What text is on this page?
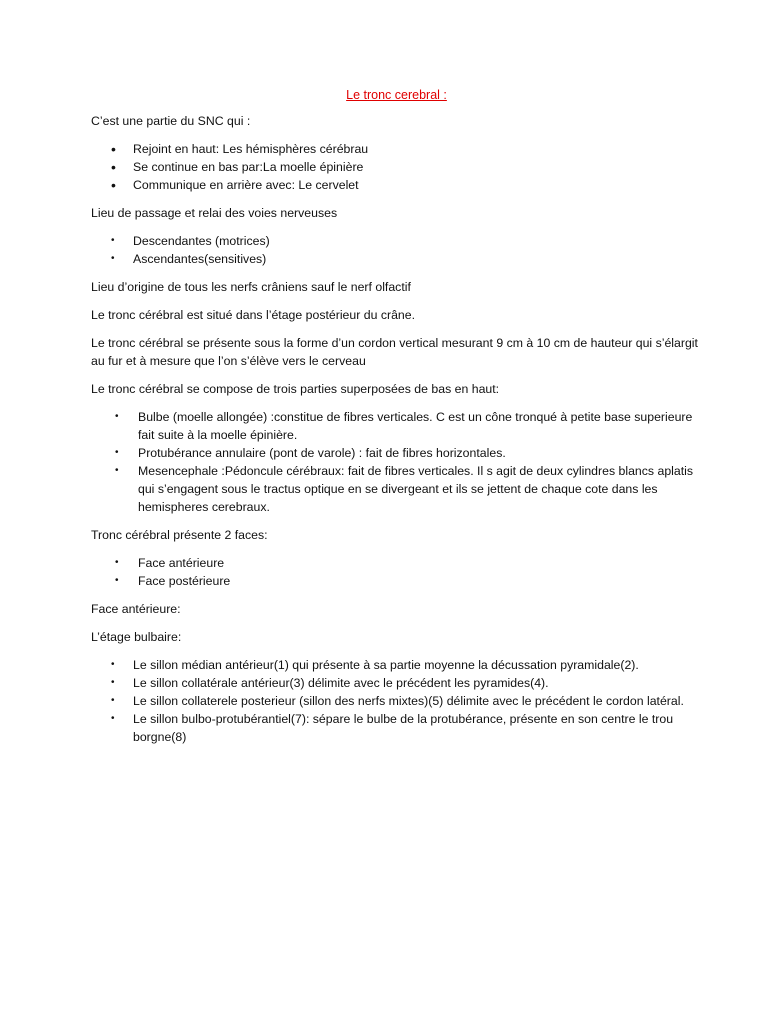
Le tronc cerebral :

C’est une partie du SNC qui :

• Rejoint en haut: Les hémisphères cérébrau
• Se continue en bas par:La moelle épinière
• Communique en arrière avec: Le cervelet

Lieu de passage et relai des voies nerveuses

• Descendantes (motrices)
• Ascendantes(sensitives)

Lieu d’origine de tous les nerfs crâniens sauf le nerf olfactif

Le tronc cérébral est situé dans l’étage postérieur du crâne.

Le tronc cérébral se présente sous la forme d’un cordon vertical mesurant 9 cm à 10 cm de hauteur qui s’élargit au fur et à mesure que l’on s’élève vers le cerveau

Le tronc cérébral se compose de trois parties superposées de bas en haut:

• Bulbe (moelle allongée) :constitue de fibres verticales. C est un cône tronqué à petite base superieure fait suite à la moelle épinière.
• Protubérance annulaire (pont de varole) : fait de fibres horizontales.
• Mesencephale :Pédoncule cérébraux: fait de fibres verticales. Il s agit de deux cylindres blancs aplatis qui s’engagent sous le tractus optique en se divergeant et ils se jettent de chaque cote dans les hemispheres cerebraux.

Tronc cérébral présente 2 faces:

• Face antérieure
• Face postérieure

Face antérieure:

L’étage bulbaire:

• Le sillon médian antérieur(1) qui présente à sa partie moyenne la décussation pyramidale(2).
• Le sillon collatérale antérieur(3) délimite avec le précédent les pyramides(4).
• Le sillon collaterele posterieur (sillon des nerfs mixtes)(5) délimite avec le précédent le cordon latéral.
• Le sillon bulbo-protubérantiel(7): sépare le bulbe de la protubérance, présente en son centre le trou borgne(8)
